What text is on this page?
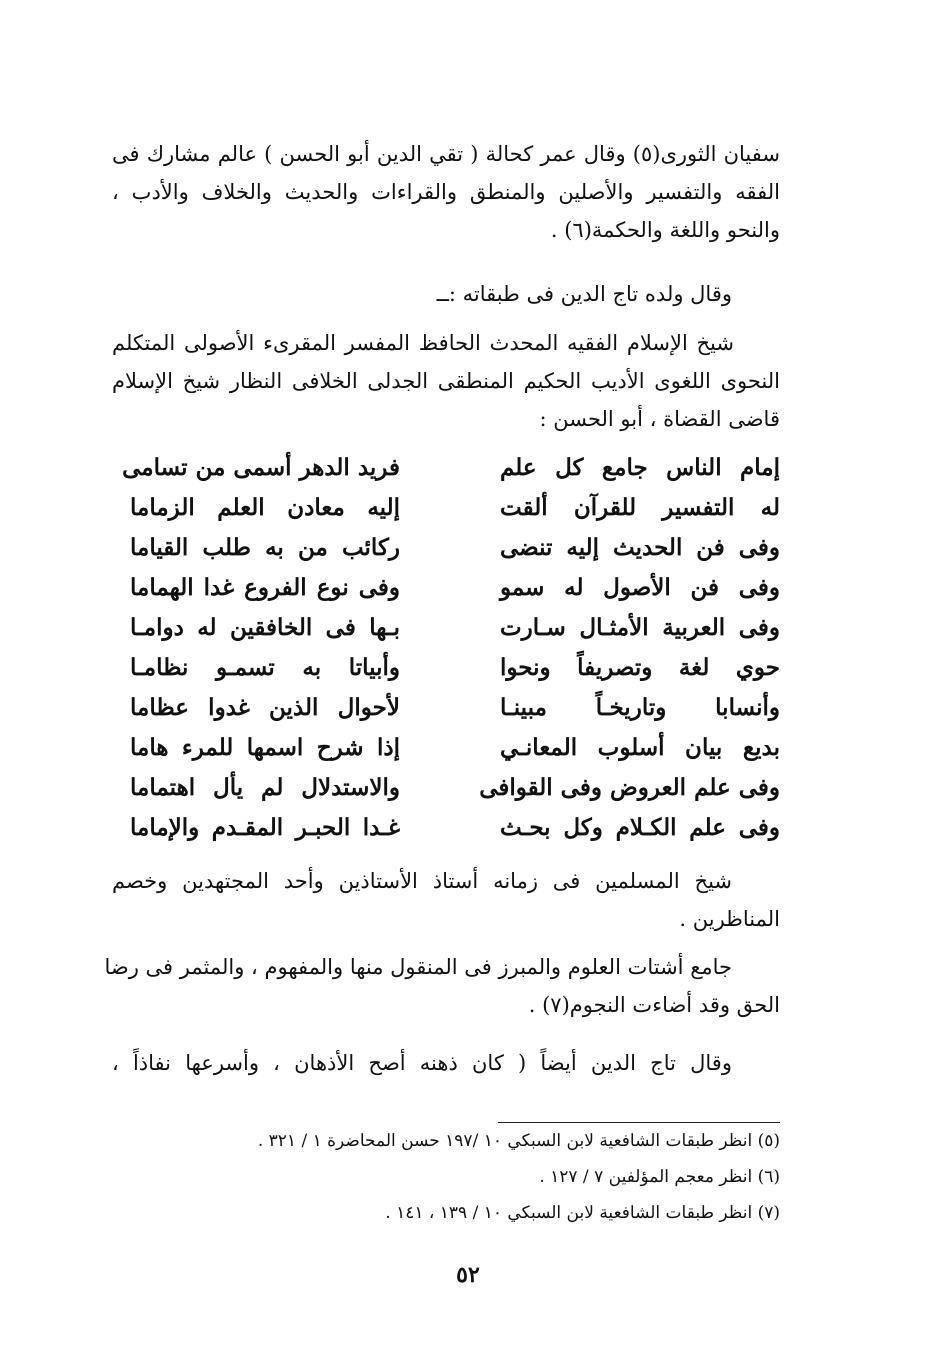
سفيان الثورى(٥) وقال عمر كحالة ( تقي الدين أبو الحسن ) عالم مشارك فى
الفقه والتفسير والأصلين والمنطق والقراءات والحديث والخلاف والأدب ،
والنحو واللغة والحكمة(٦) .
وقال ولده تاج الدين فى طبقاته :ــ
شيخ الإسلام الفقيه المحدث الحافظ المفسر المقرىء الأصولى المتكلم
النحوى اللغوى الأديب الحكيم المنطقى الجدلى الخلافى النظار شيخ الإسلام
قاضى القضاة ، أبو الحسن :
إمام الناس جامع كل علم
فريد الدهر أسمى من تسامى
له التفسير للقرآن ألقت
إليه معادن العلم الزماما
وفى فن الحديث إليه تنضى
ركائب من به طلب القياما
وفى فن الأصول له سمو
وفى نوع الفروع غدا الهماما
وفى العربية الأمثـال سـارت
بـها فى الخافقين له دوامـا
حوي لغة وتصريفاً ونحوا
وأبياتا به تسمـو نظامـا
وأنسابا وتاريخـاً مبينـا
لأحوال الذين غدوا عظاما
بديع بيان أسلوب المعانـي
إذا شرح اسمها للمرء هاما
وفى علم العروض وفى القوافى
والاستدلال لم يأل اهتماما
وفى علم الكـلام وكل بحـث
غـدا الحبـر المقـدم والإماما
شيخ المسلمين فى زمانه أستاذ الأستاذين وأحد المجتهدين وخصم
المناظرين .
جامع أشتات العلوم والمبرز فى المنقول منها والمفهوم ، والمثمر فى رضا
الحق وقد أضاءت النجوم(٧) .
وقال تاج الدين أيضاً ( كان ذهنه أصح الأذهان ، وأسرعها نفاذاً ،
(٥) انظر طبقات الشافعية لابن السبكي ١٠ /١٩٧ حسن المحاضرة ١ / ٣٢١ .
(٦) انظر معجم المؤلفين ٧ / ١٢٧ .
(٧) انظر طبقات الشافعية لابن السبكي ١٠ / ١٣٩ ، ١٤١ .
٥٢
